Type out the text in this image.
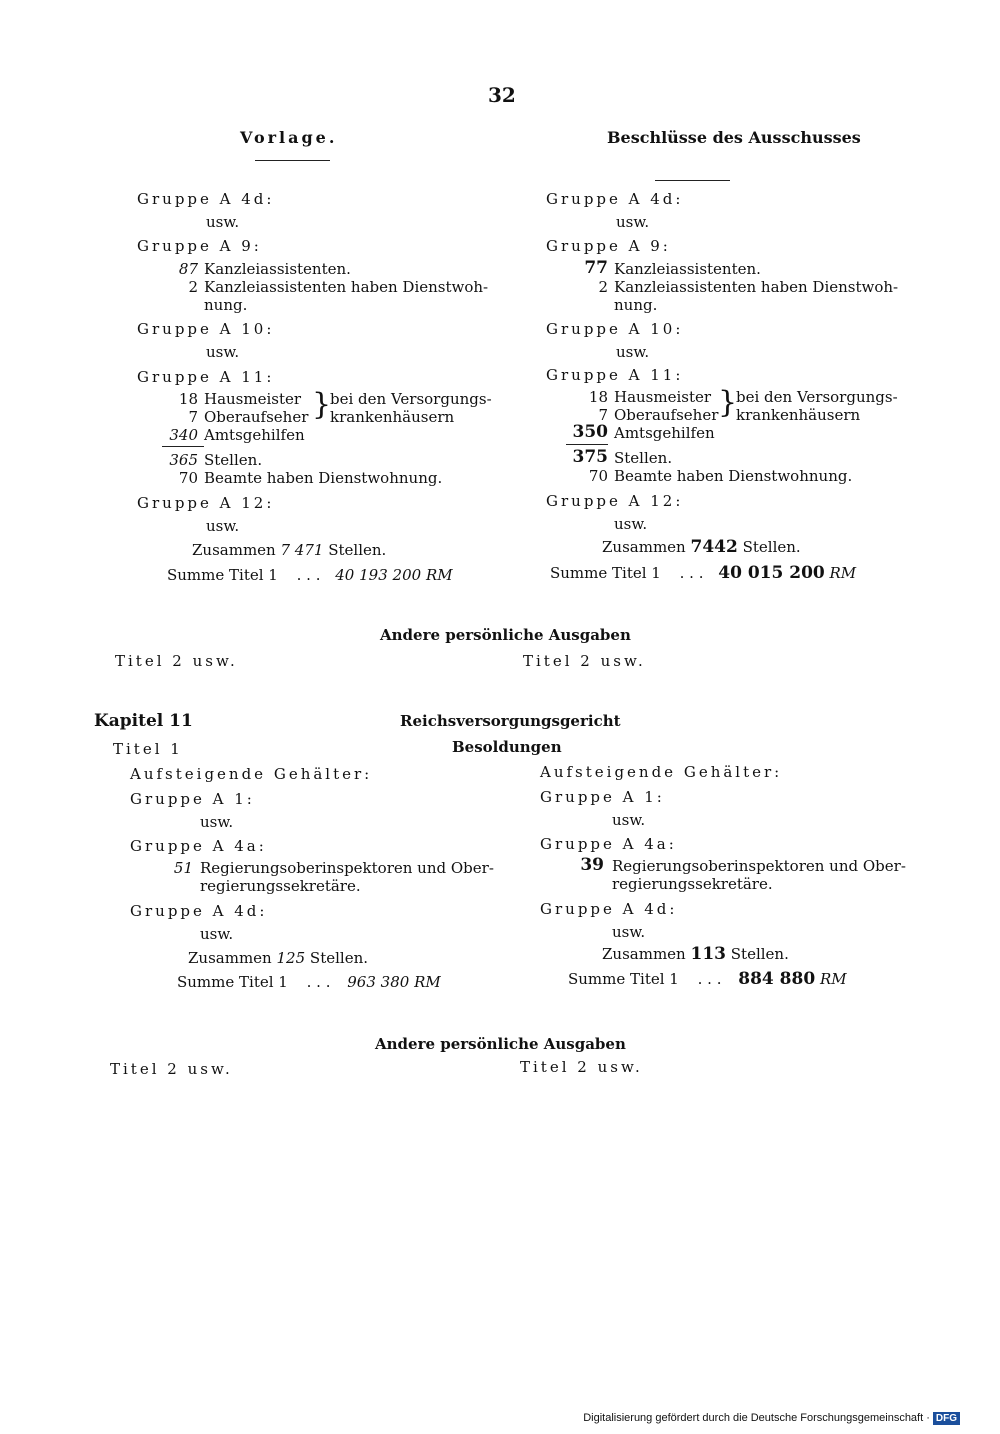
32
Vorlage.	Beschlüsse des Ausschusses
Gruppe A 4d:
usw.
Gruppe A 9:
87 Kanzleiassistenten.
2 Kanzleiassistenten haben Dienstwoh-
nung.
Gruppe A 10:
usw.
Gruppe A 11:
18 Hausmeister
7 Oberaufseher }
bei den Versorgungs-
krankenhäusern
340 Amtsgehilfen
365 Stellen.
70 Beamte haben Dienstwohnung.
Gruppe A 12:
usw.
Zusammen 7 471 Stellen.
Summe Titel 1 . . . 40 193 200 RM
Gruppe A 4d:
usw.
Gruppe A 9:
77 Kanzleiassistenten.
2 Kanzleiassistenten haben Dienstwoh-
nung.
Gruppe A 10:
usw.
Gruppe A 11:
18 Hausmeister
7 Oberaufseher }
bei den Versorgungs-
krankenhäusern
350 Amtsgehilfen
375 Stellen.
70 Beamte haben Dienstwohnung.
Gruppe A 12:
usw.
Zusammen 7442 Stellen.
Summe Titel 1 . . . 40 015 200 RM
Andere persönliche Ausgaben
Titel 2 usw.	Titel 2 usw.
Kapitel 11	Reichsversorgungsgericht
Titel 1	Besoldungen
Aufsteigende Gehälter:
Gruppe A 1:
usw.
Gruppe A 4a:
51 Regierungsoberinspektoren und Ober-
regierungssekretäre.
Gruppe A 4d:
usw.
Zusammen 125 Stellen.
Summe Titel 1 . . . 963 380 RM
Aufsteigende Gehälter:
Gruppe A 1:
usw.
Gruppe A 4a:
39 Regierungsoberinspektoren und Ober-
regierungssekretäre.
Gruppe A 4d:
usw.
Zusammen 113 Stellen.
Summe Titel 1 . . . 884 880 RM
Andere persönliche Ausgaben
Titel 2 usw.	Titel 2 usw.
Digitalisierung gefördert durch die Deutsche Forschungsgemeinschaft · DFG
